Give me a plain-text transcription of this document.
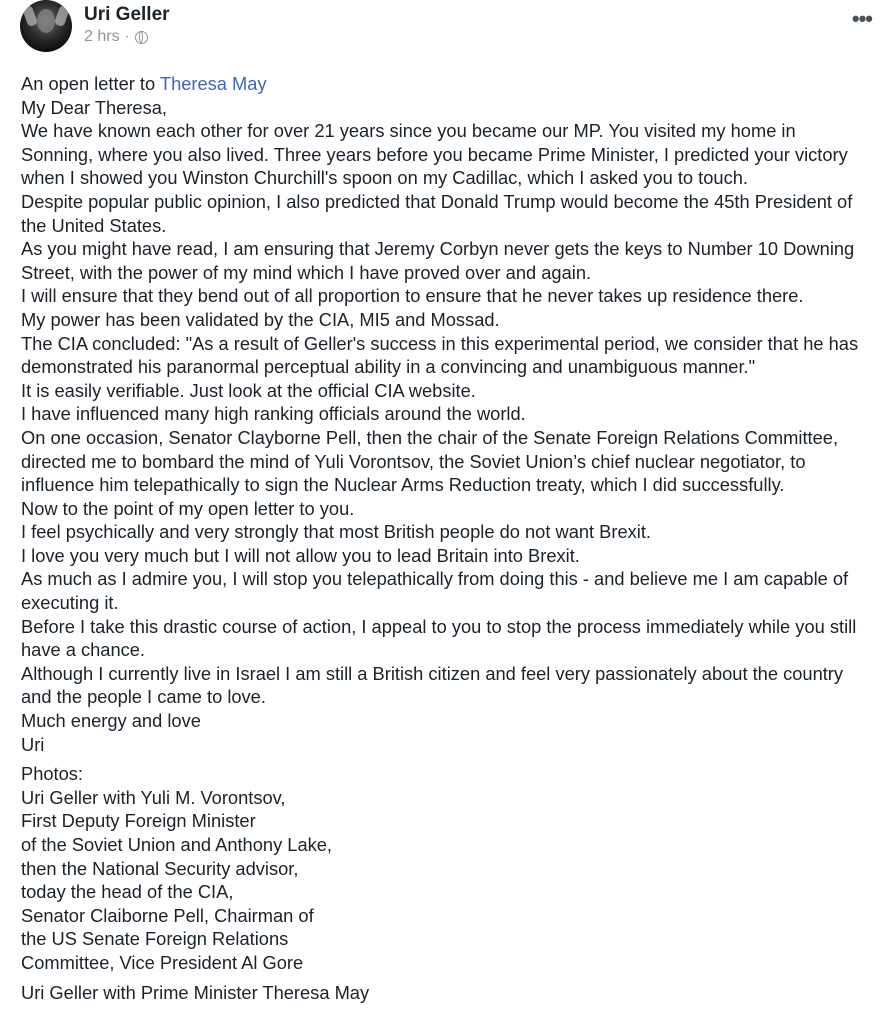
Uri Geller
2 hrs ·
•••

An open letter to Theresa May

My Dear Theresa,

We have known each other for over 21 years since you became our MP. You visited my home in Sonning, where you also lived. Three years before you became Prime Minister, I predicted your victory when I showed you Winston Churchill's spoon on my Cadillac, which I asked you to touch.

Despite popular public opinion, I also predicted that Donald Trump would become the 45th President of the United States.

As you might have read, I am ensuring that Jeremy Corbyn never gets the keys to Number 10 Downing Street, with the power of my mind which I have proved over and again.

I will ensure that they bend out of all proportion to ensure that he never takes up residence there.

My power has been validated by the CIA, MI5 and Mossad.

The CIA concluded: "As a result of Geller's success in this experimental period, we consider that he has demonstrated his paranormal perceptual ability in a convincing and unambiguous manner."

It is easily verifiable. Just look at the official CIA website.

I have influenced many high ranking officials around the world.

On one occasion, Senator Clayborne Pell, then the chair of the Senate Foreign Relations Committee, directed me to bombard the mind of Yuli Vorontsov, the Soviet Union’s chief nuclear negotiator, to influence him telepathically to sign the Nuclear Arms Reduction treaty, which I did successfully.

Now to the point of my open letter to you.

I feel psychically and very strongly that most British people do not want Brexit.

I love you very much but I will not allow you to lead Britain into Brexit.

As much as I admire you, I will stop you telepathically from doing this - and believe me I am capable of executing it.

Before I take this drastic course of action, I appeal to you to stop the process immediately while you still have a chance.

Although I currently live in Israel I am still a British citizen and feel very passionately about the country and the people I came to love.

Much energy and love

Uri

Photos:

Uri Geller with Yuli M. Vorontsov,

First Deputy Foreign Minister

of the Soviet Union and Anthony Lake,

then the National Security advisor,

today the head of the CIA,

Senator Claiborne Pell, Chairman of

the US Senate Foreign Relations

Committee, Vice President Al Gore

Uri Geller with Prime Minister Theresa May
